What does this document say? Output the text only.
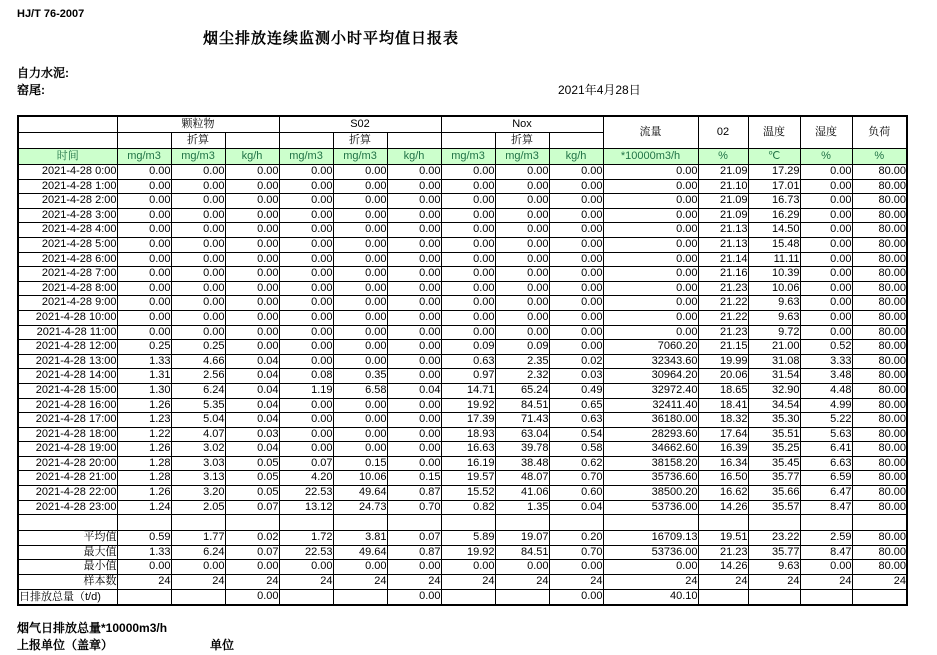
HJ/T 76-2007
烟尘排放连续监测小时平均值日报表
自力水泥:
窑尾:	2021年4月28日
	颗粒物			S02			Nox			流量	02	温度	湿度	负荷
		折算			折算			折算						
时间	mg/m3	mg/m3	kg/h	mg/m3	mg/m3	kg/h	mg/m3	mg/m3	kg/h	*10000m3/h	%	℃	%	%
2021-4-28 0:00	0.00	0.00	0.00	0.00	0.00	0.00	0.00	0.00	0.00	0.00	21.09	17.29	0.00	80.00
2021-4-28 1:00	0.00	0.00	0.00	0.00	0.00	0.00	0.00	0.00	0.00	0.00	21.10	17.01	0.00	80.00
2021-4-28 2:00	0.00	0.00	0.00	0.00	0.00	0.00	0.00	0.00	0.00	0.00	21.09	16.73	0.00	80.00
2021-4-28 3:00	0.00	0.00	0.00	0.00	0.00	0.00	0.00	0.00	0.00	0.00	21.09	16.29	0.00	80.00
2021-4-28 4:00	0.00	0.00	0.00	0.00	0.00	0.00	0.00	0.00	0.00	0.00	21.13	14.50	0.00	80.00
2021-4-28 5:00	0.00	0.00	0.00	0.00	0.00	0.00	0.00	0.00	0.00	0.00	21.13	15.48	0.00	80.00
2021-4-28 6:00	0.00	0.00	0.00	0.00	0.00	0.00	0.00	0.00	0.00	0.00	21.14	11.11	0.00	80.00
2021-4-28 7:00	0.00	0.00	0.00	0.00	0.00	0.00	0.00	0.00	0.00	0.00	21.16	10.39	0.00	80.00
2021-4-28 8:00	0.00	0.00	0.00	0.00	0.00	0.00	0.00	0.00	0.00	0.00	21.23	10.06	0.00	80.00
2021-4-28 9:00	0.00	0.00	0.00	0.00	0.00	0.00	0.00	0.00	0.00	0.00	21.22	9.63	0.00	80.00
2021-4-28 10:00	0.00	0.00	0.00	0.00	0.00	0.00	0.00	0.00	0.00	0.00	21.22	9.63	0.00	80.00
2021-4-28 11:00	0.00	0.00	0.00	0.00	0.00	0.00	0.00	0.00	0.00	0.00	21.23	9.72	0.00	80.00
2021-4-28 12:00	0.25	0.25	0.00	0.00	0.00	0.00	0.09	0.09	0.00	7060.20	21.15	21.00	0.52	80.00
2021-4-28 13:00	1.33	4.66	0.04	0.00	0.00	0.00	0.63	2.35	0.02	32343.60	19.99	31.08	3.33	80.00
2021-4-28 14:00	1.31	2.56	0.04	0.08	0.35	0.00	0.97	2.32	0.03	30964.20	20.06	31.54	3.48	80.00
2021-4-28 15:00	1.30	6.24	0.04	1.19	6.58	0.04	14.71	65.24	0.49	32972.40	18.65	32.90	4.48	80.00
2021-4-28 16:00	1.26	5.35	0.04	0.00	0.00	0.00	19.92	84.51	0.65	32411.40	18.41	34.54	4.99	80.00
2021-4-28 17:00	1.23	5.04	0.04	0.00	0.00	0.00	17.39	71.43	0.63	36180.00	18.32	35.30	5.22	80.00
2021-4-28 18:00	1.22	4.07	0.03	0.00	0.00	0.00	18.93	63.04	0.54	28293.60	17.64	35.51	5.63	80.00
2021-4-28 19:00	1.26	3.02	0.04	0.00	0.00	0.00	16.63	39.78	0.58	34662.60	16.39	35.25	6.41	80.00
2021-4-28 20:00	1.28	3.03	0.05	0.07	0.15	0.00	16.19	38.48	0.62	38158.20	16.34	35.45	6.63	80.00
2021-4-28 21:00	1.28	3.13	0.05	4.20	10.06	0.15	19.57	48.07	0.70	35736.60	16.50	35.77	6.59	80.00
2021-4-28 22:00	1.26	3.20	0.05	22.53	49.64	0.87	15.52	41.06	0.60	38500.20	16.62	35.66	6.47	80.00
2021-4-28 23:00	1.24	2.05	0.07	13.12	24.73	0.70	0.82	1.35	0.04	53736.00	14.26	35.57	8.47	80.00

平均值	0.59	1.77	0.02	1.72	3.81	0.07	5.89	19.07	0.20	16709.13	19.51	23.22	2.59	80.00
最大值	1.33	6.24	0.07	22.53	49.64	0.87	19.92	84.51	0.70	53736.00	21.23	35.77	8.47	80.00
最小值	0.00	0.00	0.00	0.00	0.00	0.00	0.00	0.00	0.00	0.00	14.26	9.63	0.00	80.00
样本数	24	24	24	24	24	24	24	24	24	24	24	24	24	24
日排放总量（t/d)			0.00			0.00			0.00	40.10				
烟气日排放总量*10000m3/h
上报单位（盖章）	单位
